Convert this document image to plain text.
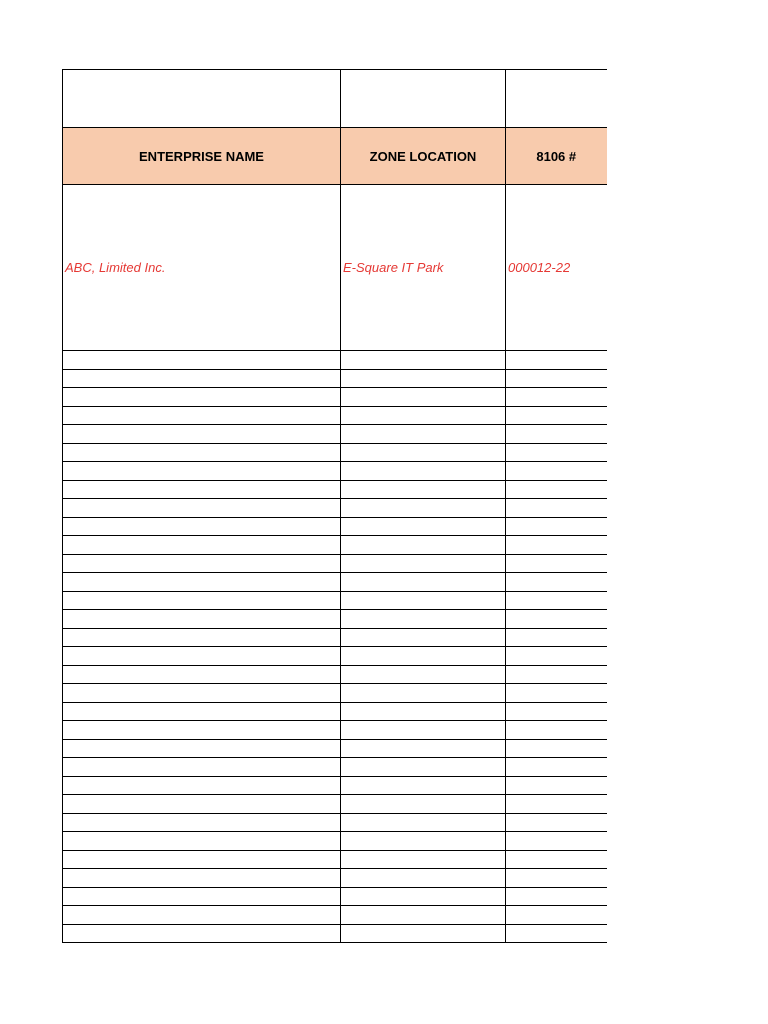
ENTERPRISE NAME	ZONE LOCATION	8106 #
ABC, Limited Inc.	E-Square IT Park	000012-22
